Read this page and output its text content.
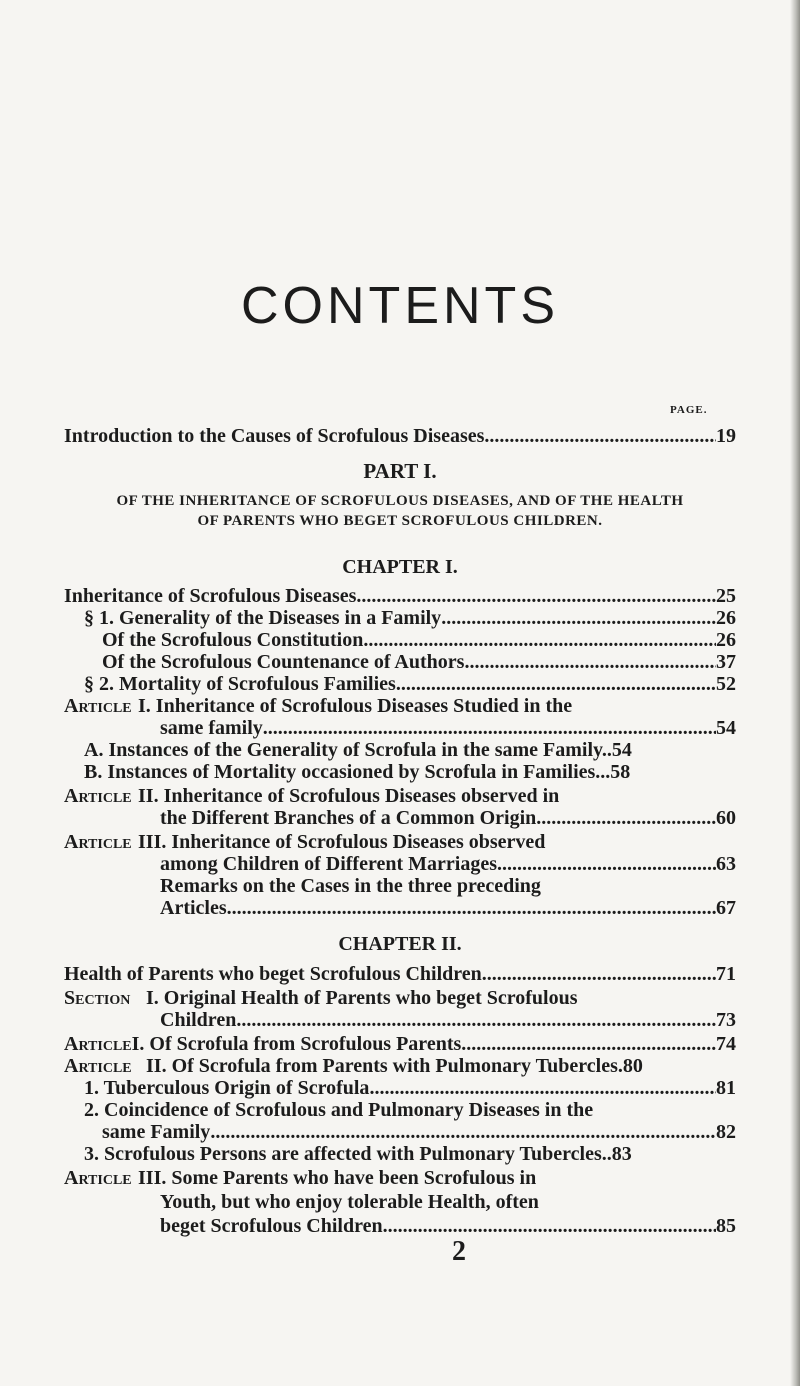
CONTENTS
PAGE.
Introduction to the Causes of Scrofulous Diseases .....	19
PART I.
OF THE INHERITANCE OF SCROFULOUS DISEASES, AND OF THE HEALTH
OF PARENTS WHO BEGET SCROFULOUS CHILDREN.
CHAPTER I.
Inheritance of Scrofulous Diseases .....	25
§ 1. Generality of the Diseases in a Family .....	26
Of the Scrofulous Constitution .....	26
Of the Scrofulous Countenance of Authors .....	37
§ 2. Mortality of Scrofulous Families .....	52
Article I. Inheritance of Scrofulous Diseases Studied in the
same family .....	54
A. Instances of the Generality of Scrofula in the same Family..54
B. Instances of Mortality occasioned by Scrofula in Families...58
Article II. Inheritance of Scrofulous Diseases observed in
the Different Branches of a Common Origin .....	60
Article III. Inheritance of Scrofulous Diseases observed
among Children of Different Marriages .....	63
Remarks on the Cases in the three preceding
Articles .....	67
CHAPTER II.
Health of Parents who beget Scrofulous Children .....	71
Section I. Original Health of Parents who beget Scrofulous
Children .....	73
Article I. Of Scrofula from Scrofulous Parents .....	74
Article II. Of Scrofula from Parents with Pulmonary Tubercles.80
1. Tuberculous Origin of Scrofula .....	81
2. Coincidence of Scrofulous and Pulmonary Diseases in the
same Family .....	82
3. Scrofulous Persons are affected with Pulmonary Tubercles..83
Article III. Some Parents who have been Scrofulous in
Youth, but who enjoy tolerable Health, often
beget Scrofulous Children .....	85
2
